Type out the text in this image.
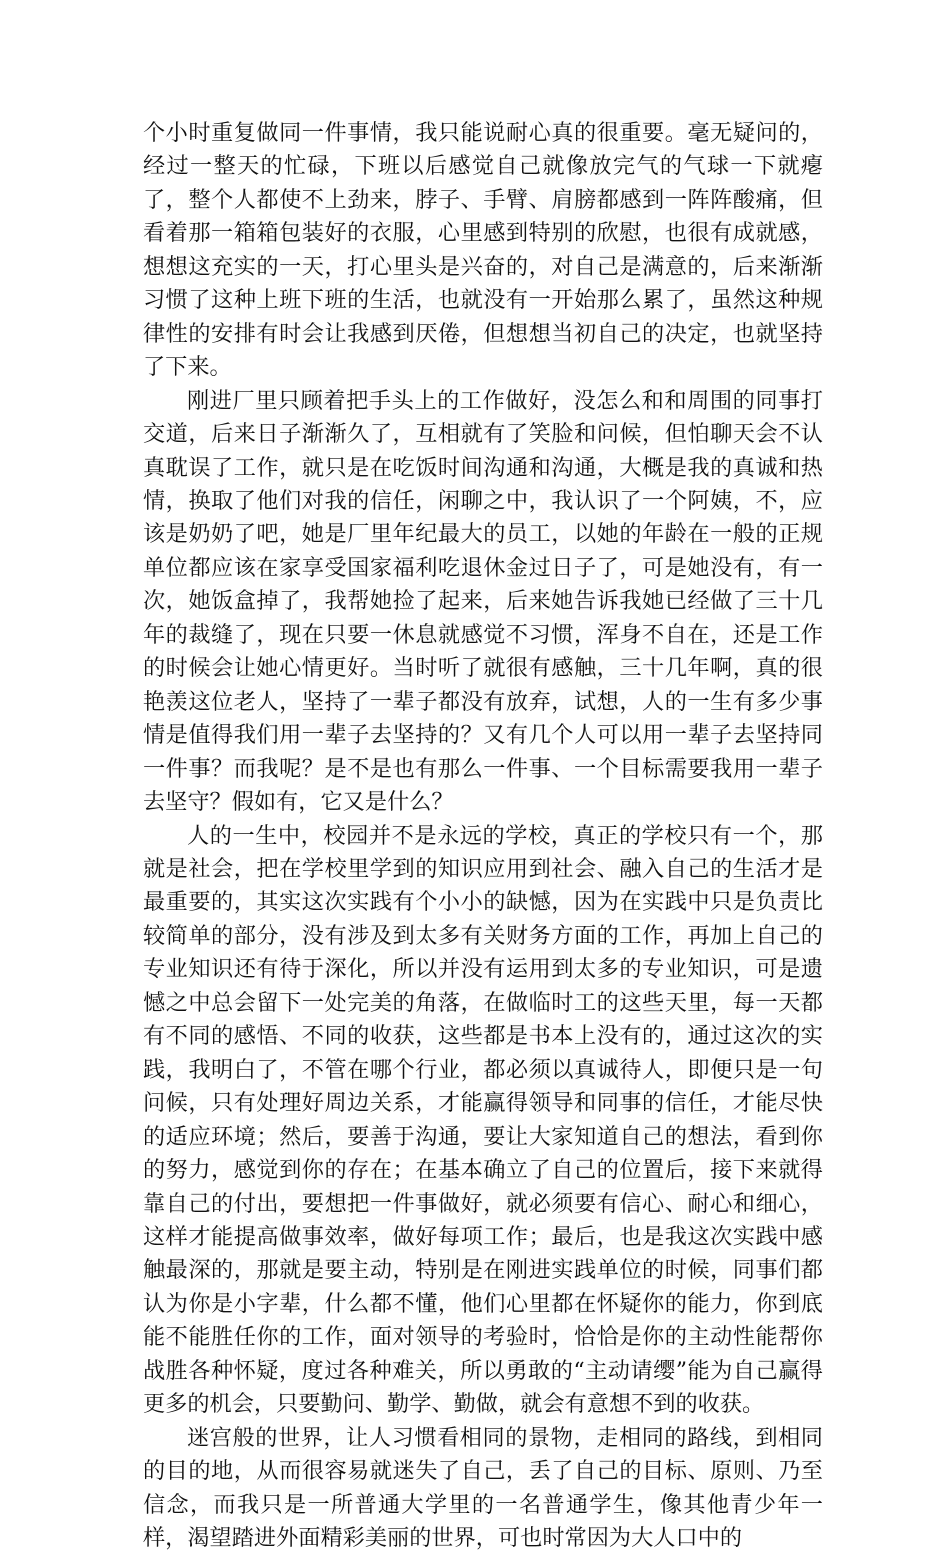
个小时重复做同一件事情，我只能说耐心真的很重要。毫无疑问的，经过一整天的忙碌，下班以后感觉自己就像放完气的气球一下就瘪了，整个人都使不上劲来，脖子、手臂、肩膀都感到一阵阵酸痛，但看着那一箱箱包装好的衣服，心里感到特别的欣慰，也很有成就感，想想这充实的一天，打心里头是兴奋的，对自己是满意的，后来渐渐习惯了这种上班下班的生活，也就没有一开始那么累了，虽然这种规律性的安排有时会让我感到厌倦，但想想当初自己的决定，也就坚持了下来。

刚进厂里只顾着把手头上的工作做好，没怎么和和周围的同事打交道，后来日子渐渐久了，互相就有了笑脸和问候，但怕聊天会不认真耽误了工作，就只是在吃饭时间沟通和沟通，大概是我的真诚和热情，换取了他们对我的信任，闲聊之中，我认识了一个阿姨，不，应该是奶奶了吧，她是厂里年纪最大的员工，以她的年龄在一般的正规单位都应该在家享受国家福利吃退休金过日子了，可是她没有，有一次，她饭盒掉了，我帮她捡了起来，后来她告诉我她已经做了三十几年的裁缝了，现在只要一休息就感觉不习惯，浑身不自在，还是工作的时候会让她心情更好。当时听了就很有感触，三十几年啊，真的很艳羡这位老人，坚持了一辈子都没有放弃，试想，人的一生有多少事情是值得我们用一辈子去坚持的？又有几个人可以用一辈子去坚持同一件事？而我呢？是不是也有那么一件事、一个目标需要我用一辈子去坚守？假如有，它又是什么？

人的一生中，校园并不是永远的学校，真正的学校只有一个，那就是社会，把在学校里学到的知识应用到社会、融入自己的生活才是最重要的，其实这次实践有个小小的缺憾，因为在实践中只是负责比较简单的部分，没有涉及到太多有关财务方面的工作，再加上自己的专业知识还有待于深化，所以并没有运用到太多的专业知识，可是遗憾之中总会留下一处完美的角落，在做临时工的这些天里，每一天都有不同的感悟、不同的收获，这些都是书本上没有的，通过这次的实践，我明白了，不管在哪个行业，都必须以真诚待人，即便只是一句问候，只有处理好周边关系，才能赢得领导和同事的信任，才能尽快的适应环境；然后，要善于沟通，要让大家知道自己的想法，看到你的努力，感觉到你的存在；在基本确立了自己的位置后，接下来就得靠自己的付出，要想把一件事做好，就必须要有信心、耐心和细心，这样才能提高做事效率，做好每项工作；最后，也是我这次实践中感触最深的，那就是要主动，特别是在刚进实践单位的时候，同事们都认为你是小字辈，什么都不懂，他们心里都在怀疑你的能力，你到底能不能胜任你的工作，面对领导的考验时，恰恰是你的主动性能帮你战胜各种怀疑，度过各种难关，所以勇敢的“主动请缨”能为自己赢得更多的机会，只要勤问、勤学、勤做，就会有意想不到的收获。

迷宫般的世界，让人习惯看相同的景物，走相同的路线，到相同的目的地，从而很容易就迷失了自己，丢了自己的目标、原则、乃至信念，而我只是一所普通大学里的一名普通学生，像其他青少年一样，渴望踏进外面精彩美丽的世界，可也时常因为大人口中的
